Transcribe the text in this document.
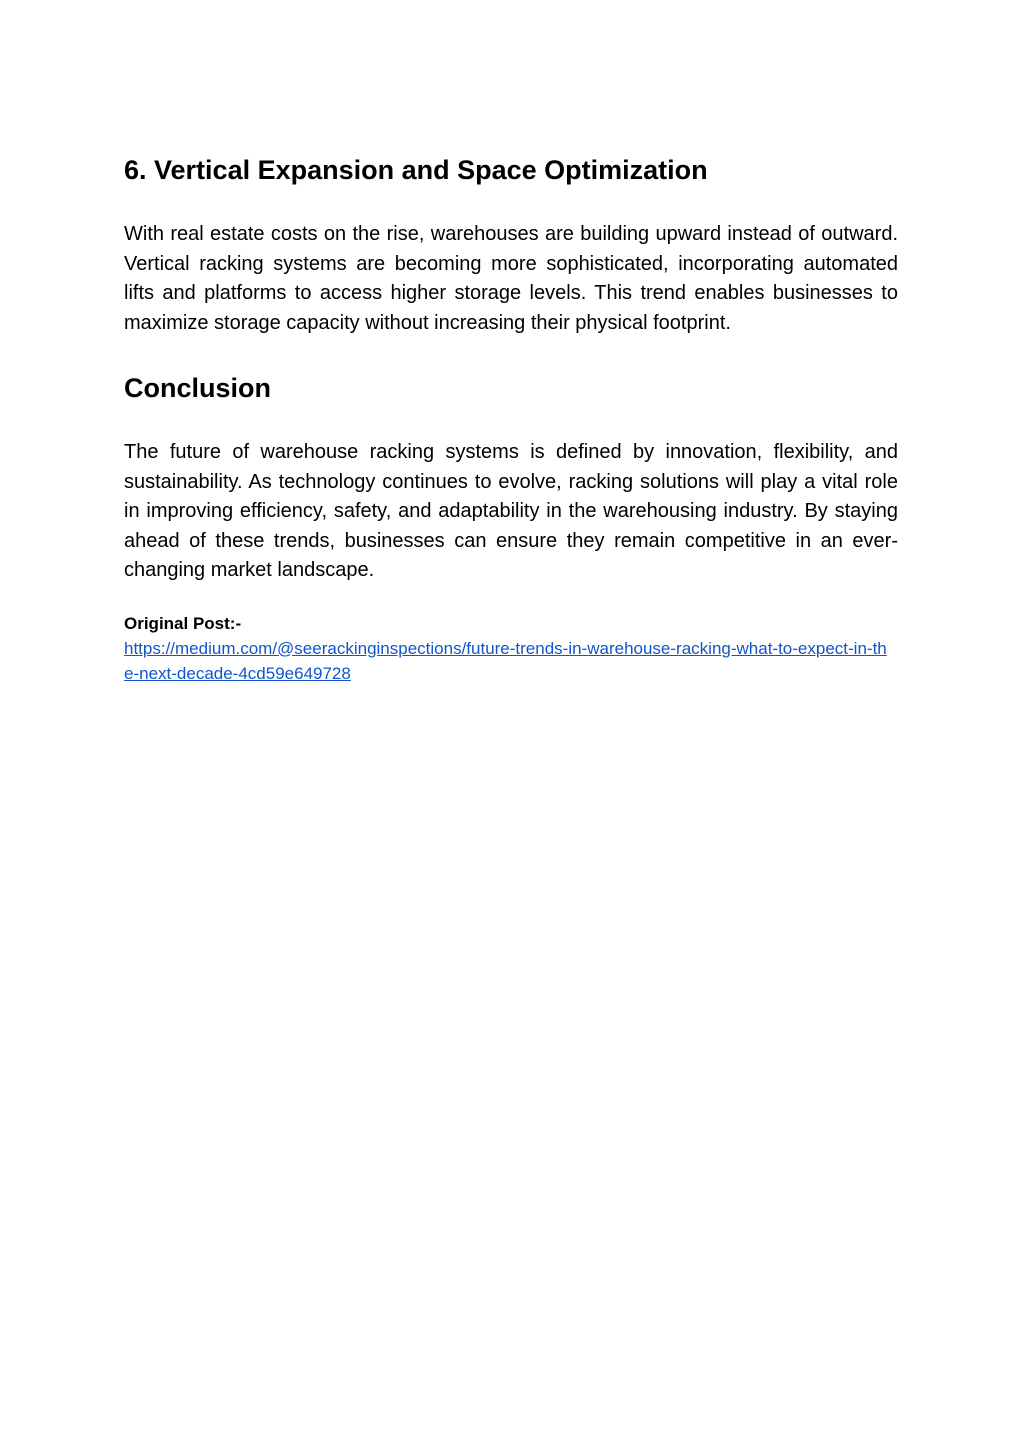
6. Vertical Expansion and Space Optimization

With real estate costs on the rise, warehouses are building upward instead of outward. Vertical racking systems are becoming more sophisticated, incorporating automated lifts and platforms to access higher storage levels. This trend enables businesses to maximize storage capacity without increasing their physical footprint.

Conclusion

The future of warehouse racking systems is defined by innovation, flexibility, and sustainability. As technology continues to evolve, racking solutions will play a vital role in improving efficiency, safety, and adaptability in the warehousing industry. By staying ahead of these trends, businesses can ensure they remain competitive in an ever-changing market landscape.

Original Post:-
https://medium.com/@seerackinginspections/future-trends-in-warehouse-racking-what-to-expect-in-the-next-decade-4cd59e649728
